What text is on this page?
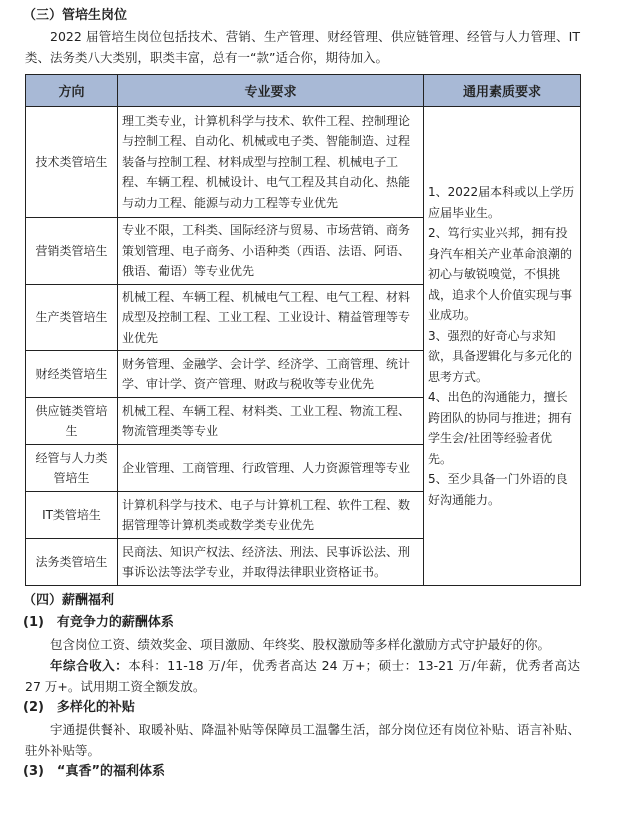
（三）管培生岗位
2022 届管培生岗位包括技术、营销、生产管理、财经管理、供应链管理、经管与人力管理、IT 类、法务类八大类别，职类丰富，总有一“款”适合你，期待加入。
方向	专业要求	通用素质要求
技术类管培生	理工类专业，计算机科学与技术、软件工程、控制理论与控制工程、自动化、机械或电子类、智能制造、过程装备与控制工程、材料成型与控制工程、机械电子工程、车辆工程、机械设计、电气工程及其自动化、热能与动力工程、能源与动力工程等专业优先	1、2022届本科或以上学历应届毕业生。
2、笃行实业兴邦，拥有投身汽车相关产业革命浪潮的初心与敏锐嗅觉，不惧挑战，追求个人价值实现与事业成功。
3、强烈的好奇心与求知欲，具备逻辑化与多元化的思考方式。
4、出色的沟通能力，擅长跨团队的协同与推进；拥有学生会/社团等经验者优先。
5、至少具备一门外语的良好沟通能力。

营销类管培生	专业不限，工科类、国际经济与贸易、市场营销、商务策划管理、电子商务、小语种类（西语、法语、阿语、俄语、葡语）等专业优先	
生产类管培生	机械工程、车辆工程、机械电气工程、电气工程、材料成型及控制工程、工业工程、工业设计、精益管理等专业优先	
财经类管培生	财务管理、金融学、会计学、经济学、工商管理、统计学、审计学、资产管理、财政与税收等专业优先	
供应链类管培生	机械工程、车辆工程、材料类、工业工程、物流工程、物流管理类等专业	
经管与人力类管培生	企业管理、工商管理、行政管理、人力资源管理等专业	
IT类管培生	计算机科学与技术、电子与计算机工程、软件工程、数据管理等计算机类或数学类专业优先	
法务类管培生	民商法、知识产权法、经济法、刑法、民事诉讼法、刑事诉讼法等法学专业，并取得法律职业资格证书。	
（四）薪酬福利
(1)　有竞争力的薪酬体系
包含岗位工资、绩效奖金、项目激励、年终奖、股权激励等多样化激励方式守护最好的你。
年综合收入：本科：11-18 万/年，优秀者高达 24 万+；硕士：13-21 万/年薪，优秀者高达 27 万+。试用期工资全额发放。
(2)　多样化的补贴
宇通提供餐补、取暖补贴、降温补贴等保障员工温馨生活，部分岗位还有岗位补贴、语言补贴、驻外补贴等。
(3)　“真香”的福利体系
